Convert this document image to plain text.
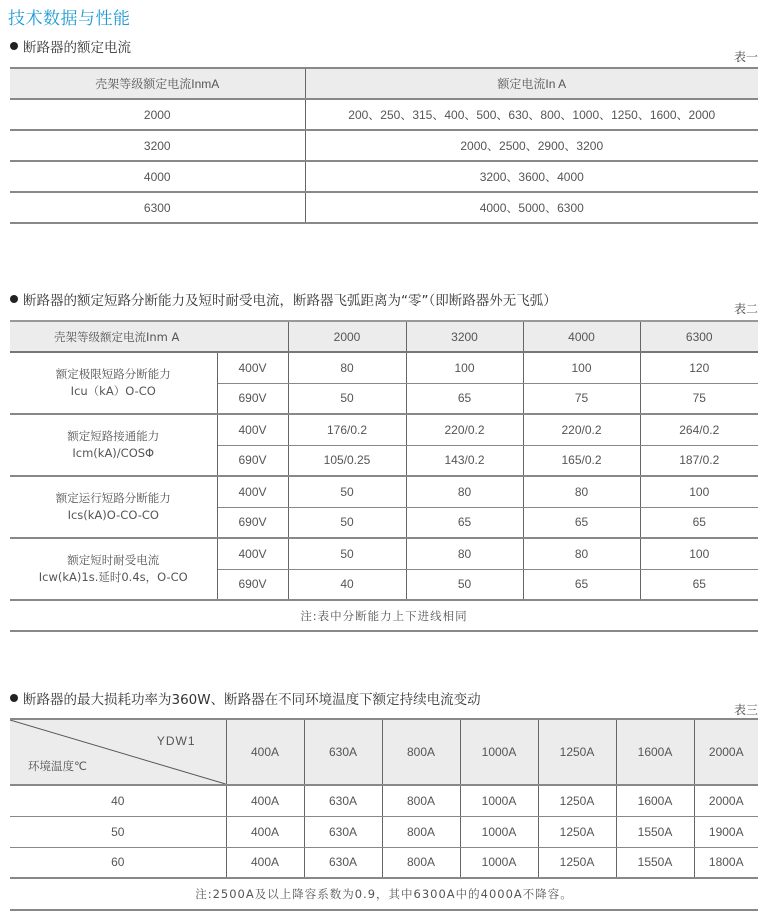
技术数据与性能
断路器的额定电流
表一
壳架等级额定电流InmA	额定电流In A
2000	200、250、315、400、500、630、800、1000、1250、1600、2000
3200	2000、2500、2900、3200
4000	3200、3600、4000
6300	4000、5000、6300
断路器的额定短路分断能力及短时耐受电流，断路器飞弧距离为“零”（即断路器外无飞弧）	表二
壳架等级额定电流Inm A		2000	3200	4000	6300

额定极限短路分断能力
Icu（kA）O-CO	400V	80	100	100	120
	690V	50	65	75	75

额定短路接通能力
Icm(kA)/COSΦ	400V	176/0.2	220/0.2	220/0.2	264/0.2
	690V	105/0.25	143/0.2	165/0.2	187/0.2

额定运行短路分断能力
Ics(kA)O-CO-CO	400V	50	80	80	100
	690V	50	65	65	65

额定短时耐受电流
Icw(kA)1s.延时0.4s，O-CO	400V	50	80	80	100
	690V	40	50	65	65
注:表中分断能力上下进线相同					
断路器的最大损耗功率为360W、断路器在不同环境温度下额定持续电流变动
表三
YDW1
环境温度℃	400A	630A	800A	1000A	1250A	1600A	2000A
40	400A	630A	800A	1000A	1250A	1600A	2000A
50	400A	630A	800A	1000A	1250A	1550A	1900A
60	400A	630A	800A	1000A	1250A	1550A	1800A
注:2500A及以上降容系数为0.9，其中6300A中的4000A不降容。							
